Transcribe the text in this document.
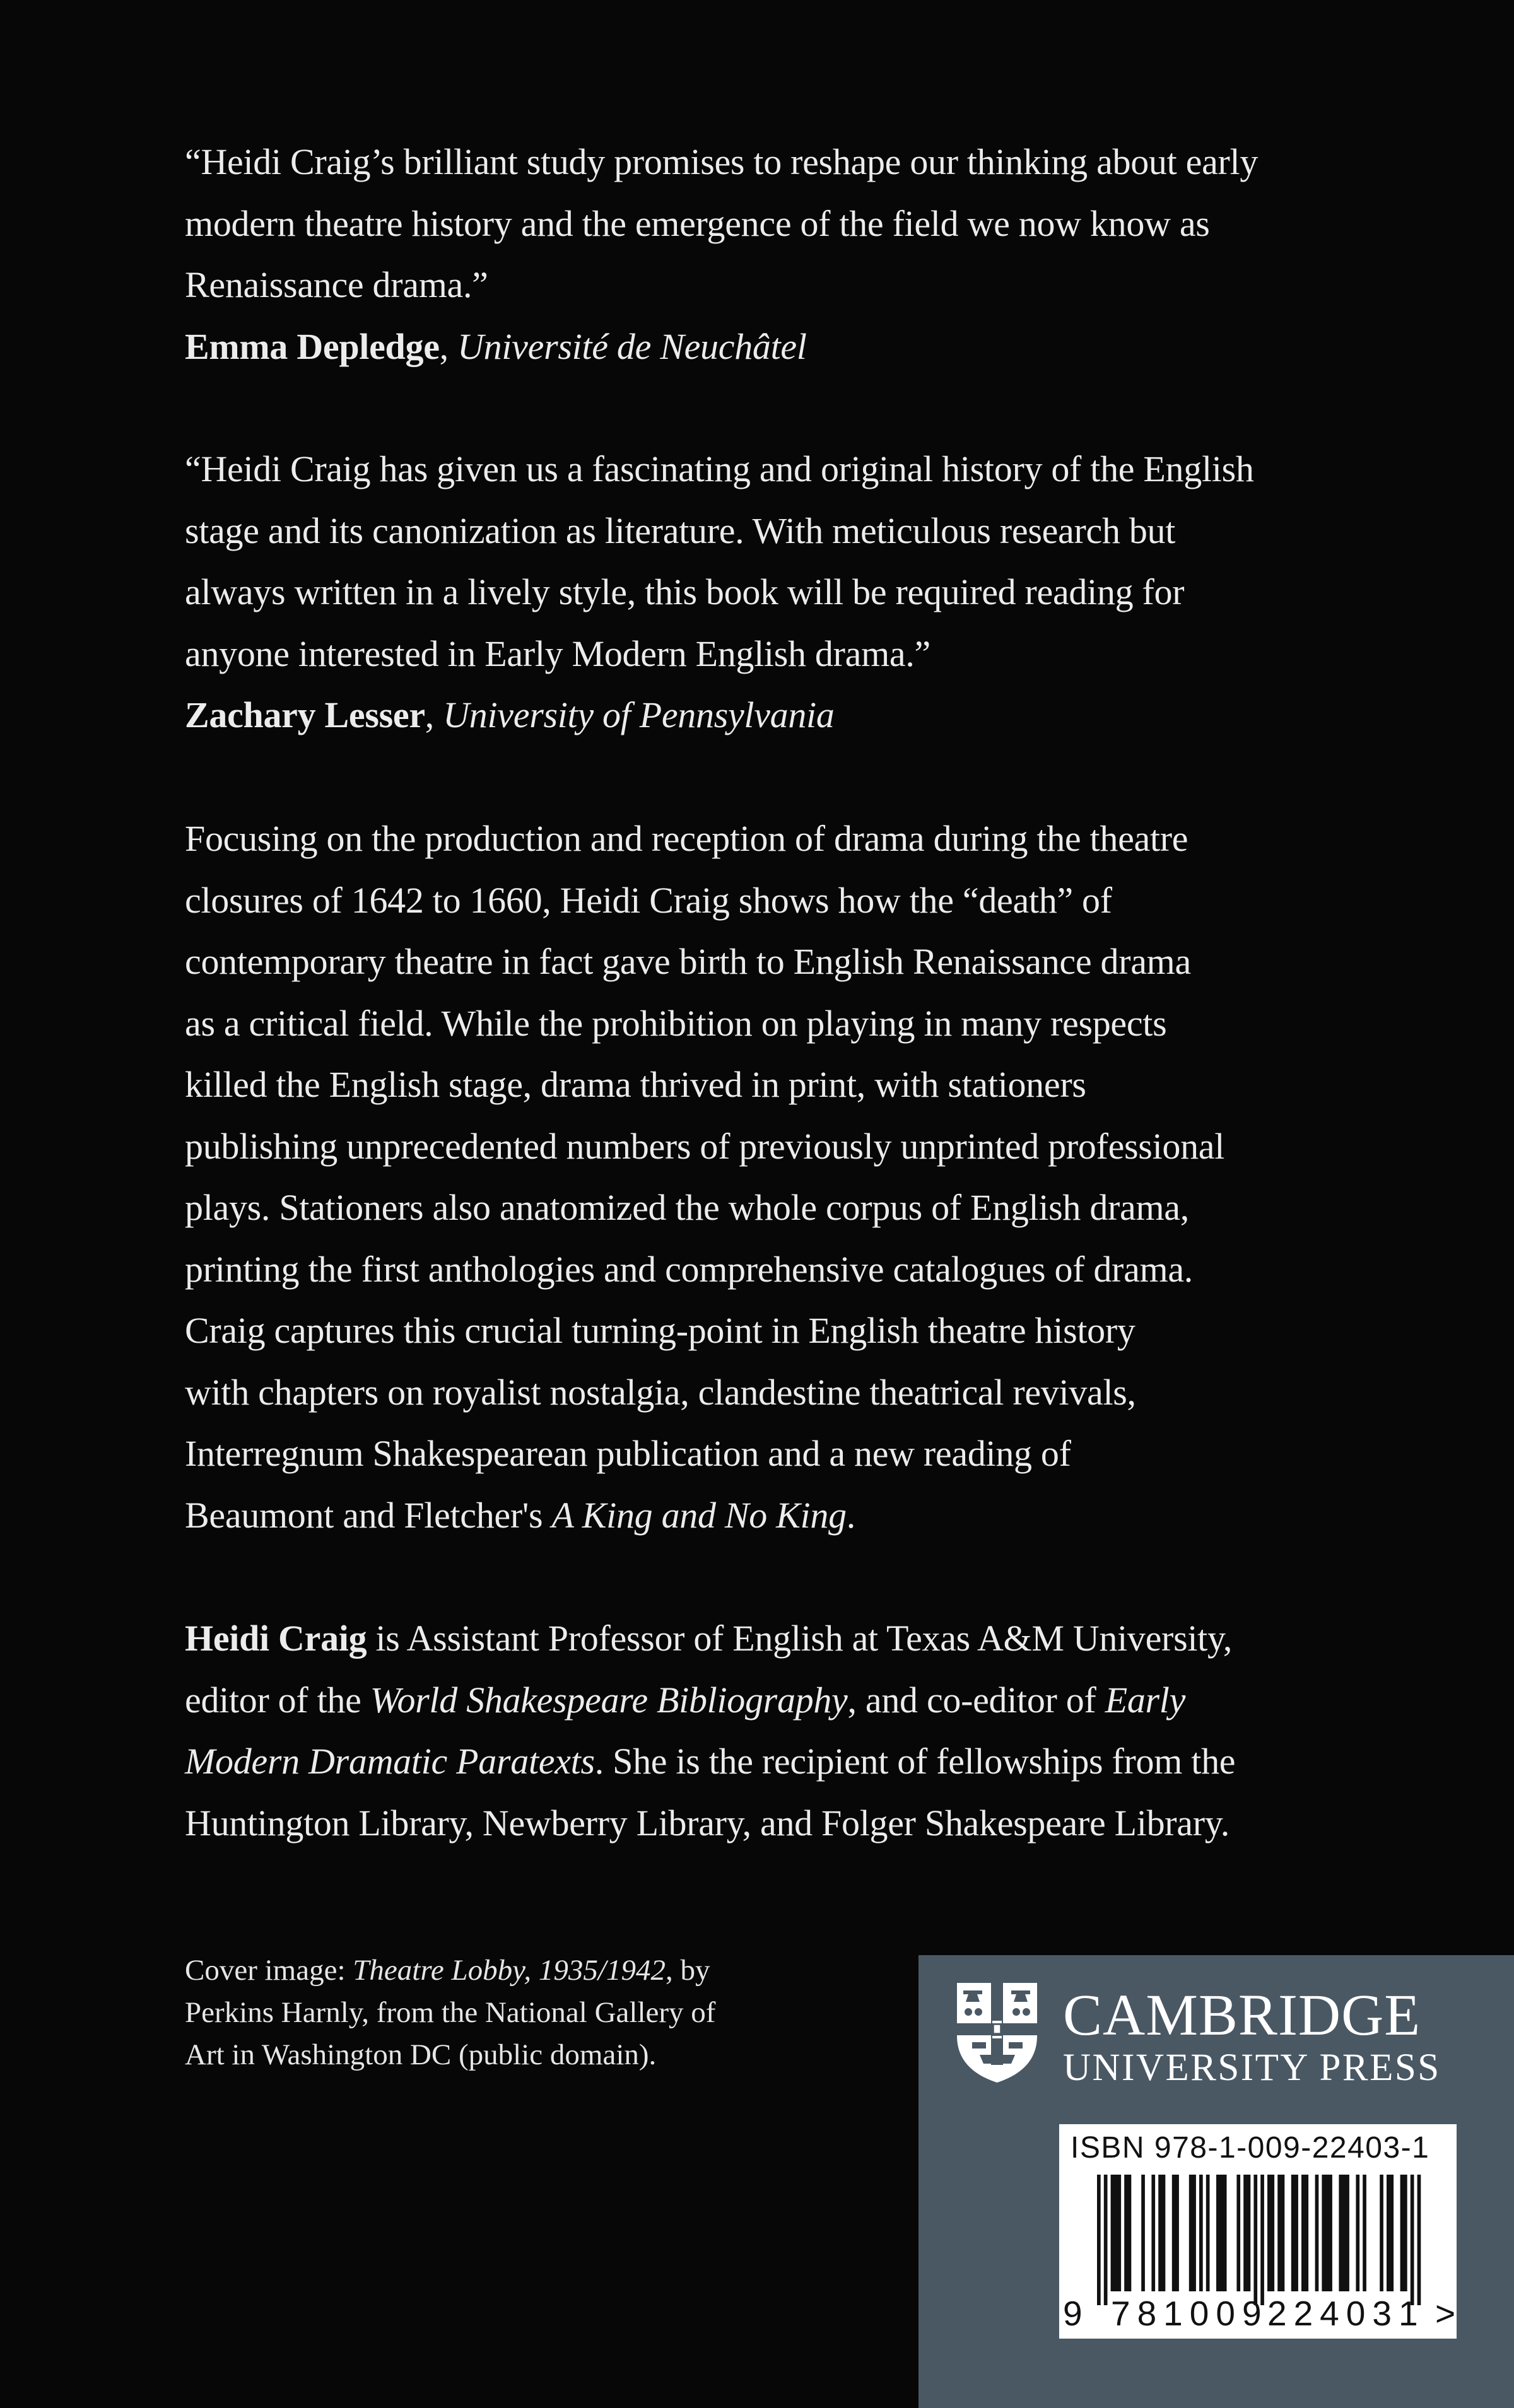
“Heidi Craig’s brilliant study promises to reshape our thinking about early
modern theatre history and the emergence of the field we now know as
Renaissance drama.”
Emma Depledge, Université de Neuchâtel
“Heidi Craig has given us a fascinating and original history of the English
stage and its canonization as literature. With meticulous research but
always written in a lively style, this book will be required reading for
anyone interested in Early Modern English drama.”
Zachary Lesser, University of Pennsylvania
Focusing on the production and reception of drama during the theatre
closures of 1642 to 1660, Heidi Craig shows how the “death” of
contemporary theatre in fact gave birth to English Renaissance drama
as a critical field. While the prohibition on playing in many respects
killed the English stage, drama thrived in print, with stationers
publishing unprecedented numbers of previously unprinted professional
plays. Stationers also anatomized the whole corpus of English drama,
printing the first anthologies and comprehensive catalogues of drama.
Craig captures this crucial turning-point in English theatre history
with chapters on royalist nostalgia, clandestine theatrical revivals,
Interregnum Shakespearean publication and a new reading of
Beaumont and Fletcher's A King and No King.
Heidi Craig is Assistant Professor of English at Texas A&M University,
editor of the World Shakespeare Bibliography, and co-editor of Early
Modern Dramatic Paratexts. She is the recipient of fellowships from the
Huntington Library, Newberry Library, and Folger Shakespeare Library.
Cover image: Theatre Lobby, 1935/1942, by
Perkins Harnly, from the National Gallery of
Art in Washington DC (public domain).
CAMBRIDGE
UNIVERSITY PRESS
ISBN 978-1-009-22403-1
9 781009
224031 >
